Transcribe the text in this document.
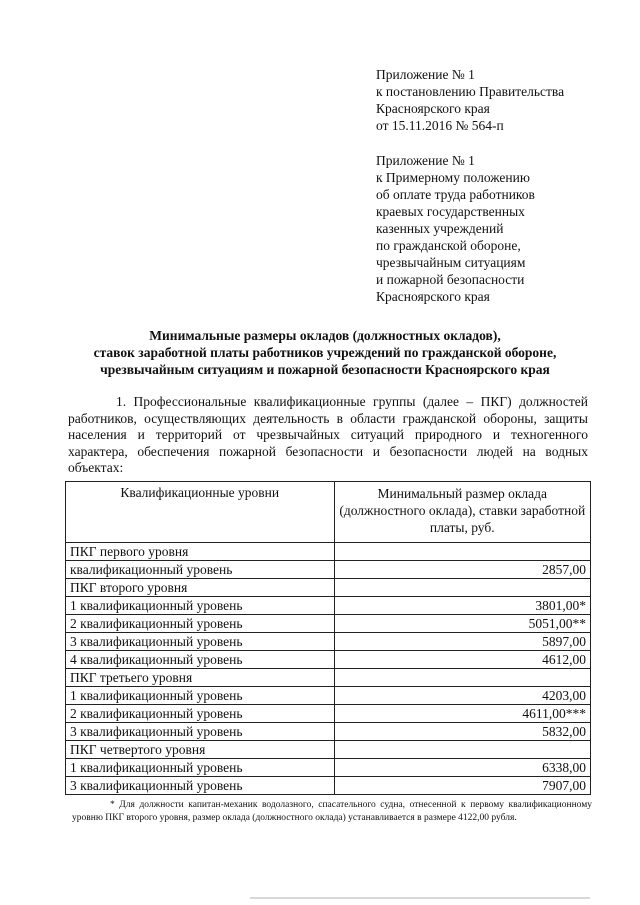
Приложение № 1
к постановлению Правительства
Красноярского края
от 15.11.2016 № 564-п
Приложение № 1
к Примерному положению
об оплате труда работников
краевых государственных
казенных учреждений
по гражданской обороне,
чрезвычайным ситуациям
и пожарной безопасности
Красноярского края
Минимальные размеры окладов (должностных окладов),
ставок заработной платы работников учреждений по гражданской обороне,
чрезвычайным ситуациям и пожарной безопасности Красноярского края
1. Профессиональные квалификационные группы (далее – ПКГ) должностей работников, осуществляющих деятельность в области гражданской обороны, защиты населения и территорий от чрезвычайных ситуаций природного и техногенного характера, обеспечения пожарной безопасности и безопасности людей на водных объектах:
Квалификационные уровни	Минимальный размер оклада (должностного оклада), ставки заработной платы, руб.
ПКГ первого уровня	
квалификационный уровень	2857,00
ПКГ второго уровня	
1 квалификационный уровень	3801,00*
2 квалификационный уровень	5051,00**
3 квалификационный уровень	5897,00
4 квалификационный уровень	4612,00
ПКГ третьего уровня	
1 квалификационный уровень	4203,00
2 квалификационный уровень	4611,00***
3 квалификационный уровень	5832,00
ПКГ четвертого уровня	
1 квалификационный уровень	6338,00
3 квалификационный уровень	7907,00
* Для должности капитан-механик водолазного, спасательного судна, отнесенной к первому квалификационному уровню ПКГ второго уровня, размер оклада (должностного оклада) устанавливается в размере 4122,00 рубля.
